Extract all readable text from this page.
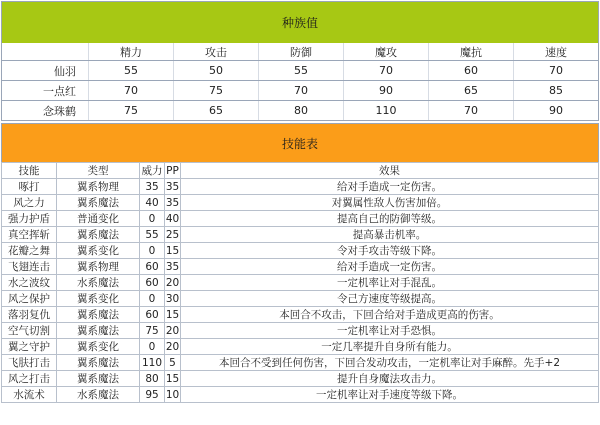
种族值						
	精力	攻击	防御	魔攻	魔抗	速度
仙羽	55	50	55	70	60	70
一点红	70	75	70	90	65	85
念珠鹤	75	65	80	110	70	90
技能表				
技能	类型	威力	PP	效果
啄打	翼系物理	35	35	给对手造成一定伤害。
风之力	翼系魔法	40	35	对翼属性敌人伤害加倍。
强力护盾	普通变化	0	40	提高自己的防御等级。
真空挥斩	翼系魔法	55	25	提高暴击机率。
花瓣之舞	翼系变化	0	15	令对手攻击等级下降。
飞翅连击	翼系物理	60	35	给对手造成一定伤害。
水之波纹	水系魔法	60	20	一定机率让对手混乱。
风之保护	翼系变化	0	30	令己方速度等级提高。
落羽复仇	翼系魔法	60	15	本回合不攻击，下回合给对手造成更高的伤害。
空气切割	翼系魔法	75	20	一定机率让对手恐惧。
翼之守护	翼系变化	0	20	一定几率提升自身所有能力。
飞肤打击	翼系魔法	110	5	本回合不受到任何伤害，下回合发动攻击，一定机率让对手麻醉。先手+2
风之打击	翼系魔法	80	15	提升自身魔法攻击力。
水流术	水系魔法	95	10	一定机率让对手速度等级下降。
